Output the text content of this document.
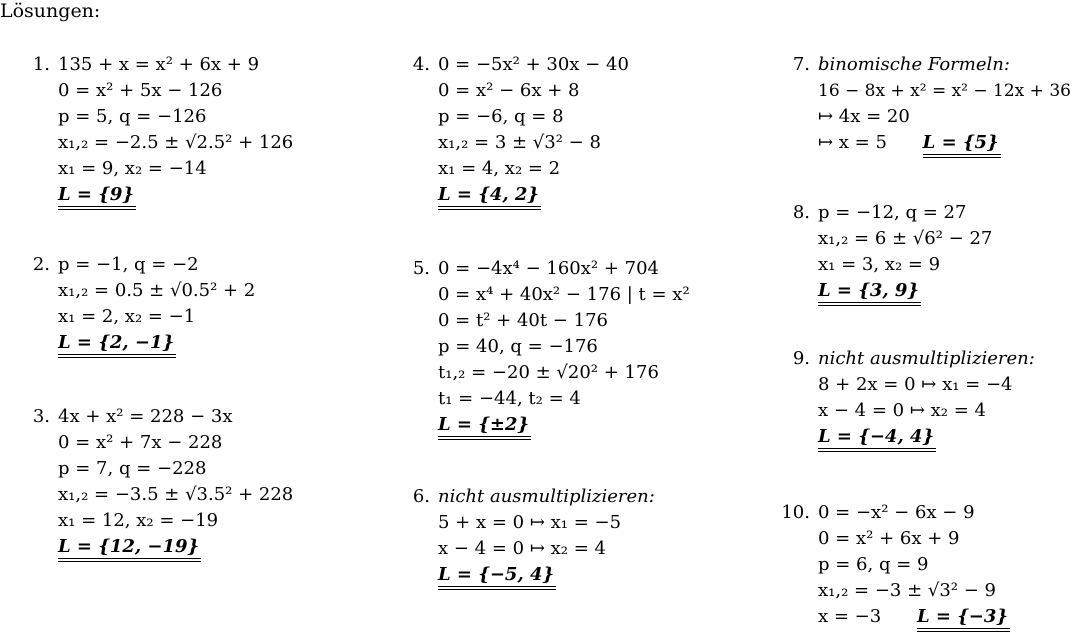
Lösungen:
1. 135 + x = x² + 6x + 9
0 = x² + 5x − 126
p = 5, q = −126
x₁,₂ = −2.5 ± √2.5² + 126
x₁ = 9, x₂ = −14
L = {9}
2. p = −1, q = −2
x₁,₂ = 0.5 ± √0.5² + 2
x₁ = 2, x₂ = −1
L = {2, −1}
3. 4x + x² = 228 − 3x
0 = x² + 7x − 228
p = 7, q = −228
x₁,₂ = −3.5 ± √3.5² + 228
x₁ = 12, x₂ = −19
L = {12, −19}
4. 0 = −5x² + 30x − 40
0 = x² − 6x + 8
p = −6, q = 8
x₁,₂ = 3 ± √3² − 8
x₁ = 4, x₂ = 2
L = {4, 2}
5. 0 = −4x⁴ − 160x² + 704
0 = x⁴ + 40x² − 176 | t = x²
0 = t² + 40t − 176
p = 40, q = −176
t₁,₂ = −20 ± √20² + 176
t₁ = −44, t₂ = 4
L = {±2}
6. nicht ausmultiplizieren:
5 + x = 0 ↦ x₁ = −5
x − 4 = 0 ↦ x₂ = 4
L = {−5, 4}
7. binomische Formeln:
16 − 8x + x² = x² − 12x + 36
↦ 4x = 20
↦ x = 5 L = {5}
8. p = −12, q = 27
x₁,₂ = 6 ± √6² − 27
x₁ = 3, x₂ = 9
L = {3, 9}
9. nicht ausmultiplizieren:
8 + 2x = 0 ↦ x₁ = −4
x − 4 = 0 ↦ x₂ = 4
L = {−4, 4}
10. 0 = −x² − 6x − 9
0 = x² + 6x + 9
p = 6, q = 9
x₁,₂ = −3 ± √3² − 9
x = −3 L = {−3}
